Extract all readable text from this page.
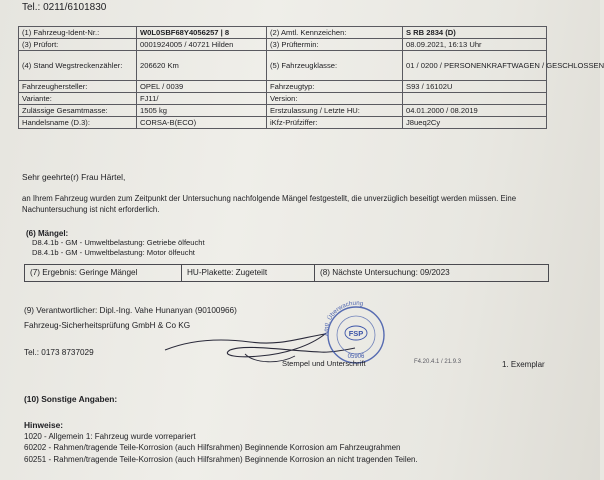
Tel.: 0211/6101830
(1) Fahrzeug-Ident-Nr.:	W0L0SBF68Y4056257 | 8	(2) Amtl. Kennzeichen:	S RB 2834 (D)
(3) Prüfort:	0001924005 / 40721 Hilden	(3) Prüftermin:	08.09.2021, 16:13 Uhr
(4) Stand Wegstreckenzähler:	206620 Km	(5) Fahrzeugklasse:	01 / 0200 / PERSONENKRAFTWAGEN / GESCHLOSSEN
Fahrzeughersteller:	OPEL / 0039	Fahrzeugtyp:	S93 / 16102U
Variante:	FJ11/	Version:	
Zulässige Gesamtmasse:	1505 kg	Erstzulassung / Letzte HU:	04.01.2000 / 08.2019
Handelsname (D.3):	CORSA-B(ECO)	iKfz-Prüfziffer:	J8ueq2Cy
Sehr geehrte(r) Frau Härtel,
an Ihrem Fahrzeug wurden zum Zeitpunkt der Untersuchung nachfolgende Mängel festgestellt, die unverzüglich beseitigt werden müssen. Eine Nachuntersuchung ist nicht erforderlich.
(6) Mängel:
D8.4.1b - GM - Umweltbelastung: Getriebe ölfeucht
D8.4.1b - GM - Umweltbelastung: Motor ölfeucht
(7) Ergebnis: Geringe Mängel	HU-Plakette: Zugeteilt	(8) Nächste Untersuchung: 09/2023
(9) Verantwortlicher: Dipl.-Ing. Vahe Hunanyan (90100966)
Fahrzeug-Sicherheitsprüfung GmbH & Co KG
Tel.: 0173 8737029
Amtl. Überwachung
FSP
05906
Stempel und Unterschrift	F4.20.4.1 / 21.9.3	1. Exemplar
(10) Sonstige Angaben:
Hinweise:
1020 - Allgemein 1: Fahrzeug wurde vorrepariert
60202 - Rahmen/tragende Teile-Korrosion (auch Hilfsrahmen) Beginnende Korrosion am Fahrzeugrahmen
60251 - Rahmen/tragende Teile-Korrosion (auch Hilfsrahmen) Beginnende Korrosion an nicht tragenden Teilen.
